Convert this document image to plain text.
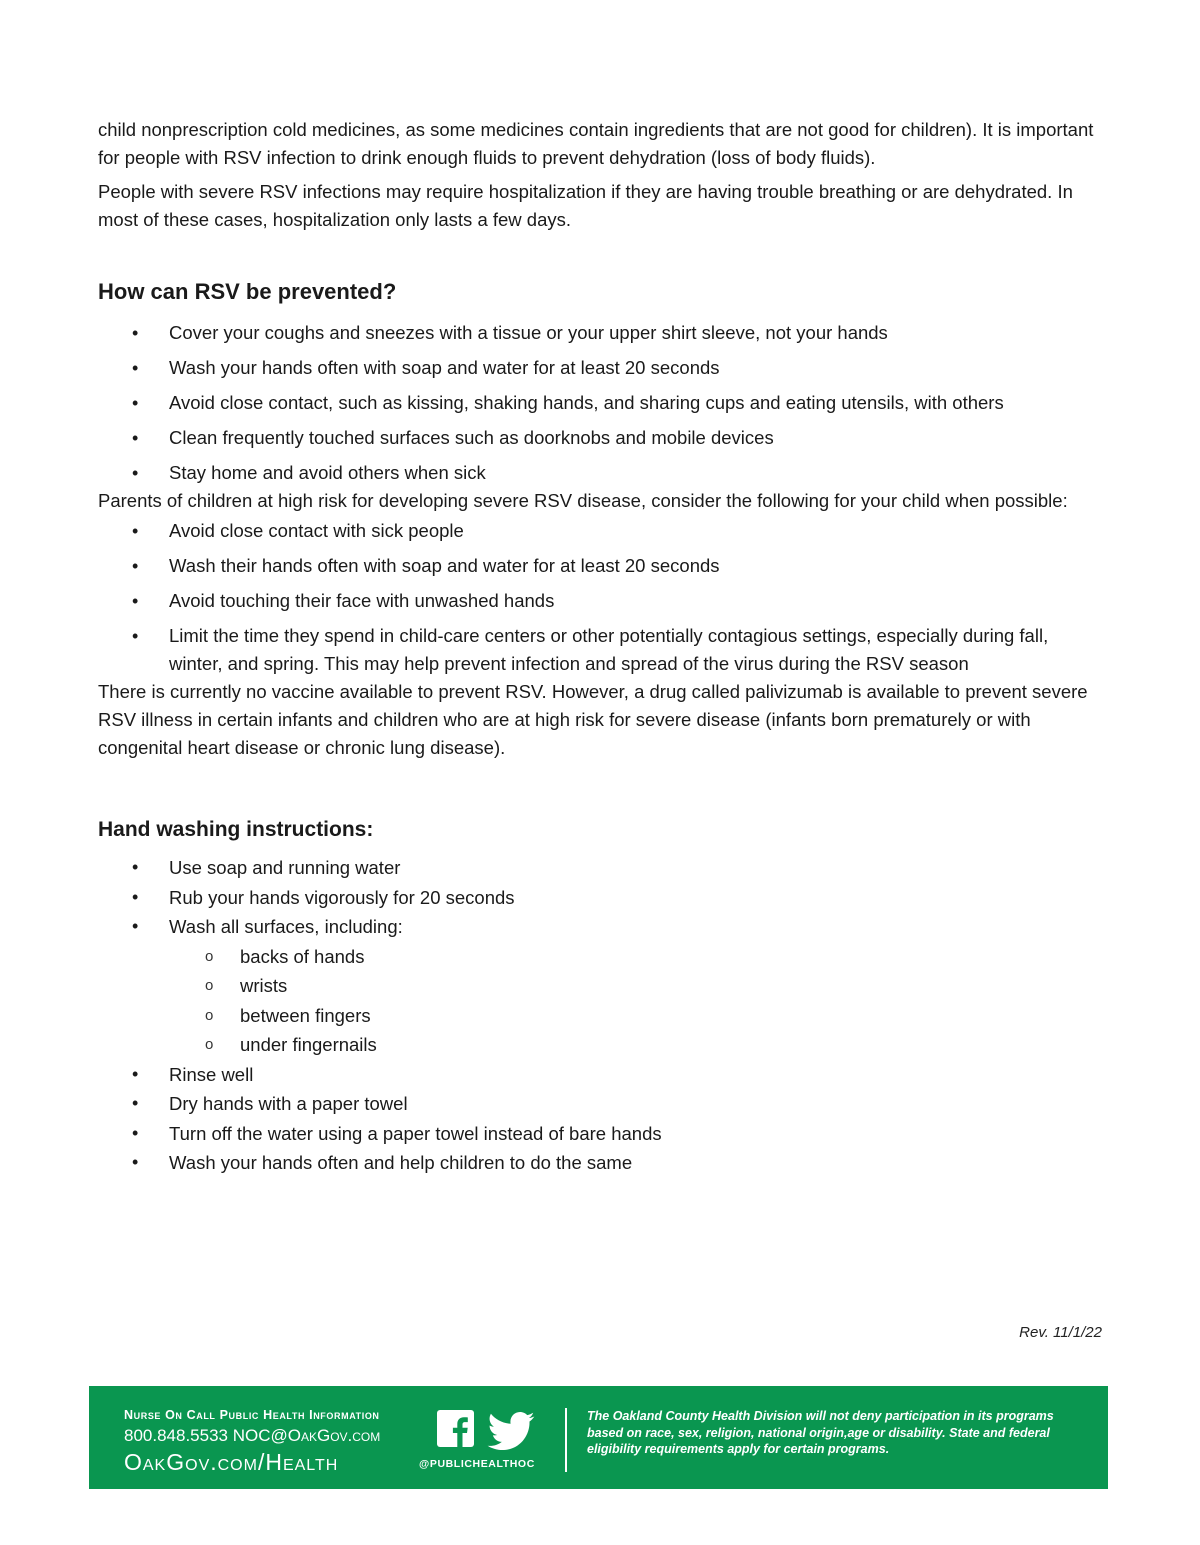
child nonprescription cold medicines, as some medicines contain ingredients that are not good for children). It is important for people with RSV infection to drink enough fluids to prevent dehydration (loss of body fluids).

People with severe RSV infections may require hospitalization if they are having trouble breathing or are dehydrated. In most of these cases, hospitalization only lasts a few days.

How can RSV be prevented?
• Cover your coughs and sneezes with a tissue or your upper shirt sleeve, not your hands
• Wash your hands often with soap and water for at least 20 seconds
• Avoid close contact, such as kissing, shaking hands, and sharing cups and eating utensils, with others
• Clean frequently touched surfaces such as doorknobs and mobile devices
• Stay home and avoid others when sick

Parents of children at high risk for developing severe RSV disease, consider the following for your child when possible:

• Avoid close contact with sick people
• Wash their hands often with soap and water for at least 20 seconds
• Avoid touching their face with unwashed hands
• Limit the time they spend in child-care centers or other potentially contagious settings, especially during fall, winter, and spring. This may help prevent infection and spread of the virus during the RSV season

There is currently no vaccine available to prevent RSV. However, a drug called palivizumab is available to prevent severe RSV illness in certain infants and children who are at high risk for severe disease (infants born prematurely or with congenital heart disease or chronic lung disease).

Hand washing instructions:
• Use soap and running water
• Rub your hands vigorously for 20 seconds
• Wash all surfaces, including:
o backs of hands
o wrists
o between fingers
o under fingernails
• Rinse well
• Dry hands with a paper towel
• Turn off the water using a paper towel instead of bare hands
• Wash your hands often and help children to do the same
Rev. 11/1/22
Nurse On Call Public Health Information
800.848.5533 NOC@OakGov.com
OakGov.com/Health	@PUBLICHEALTHOC
The Oakland County Health Division will not deny participation in its programs based on race, sex, religion, national origin,age or disability. State and federal eligibility requirements apply for certain programs.
